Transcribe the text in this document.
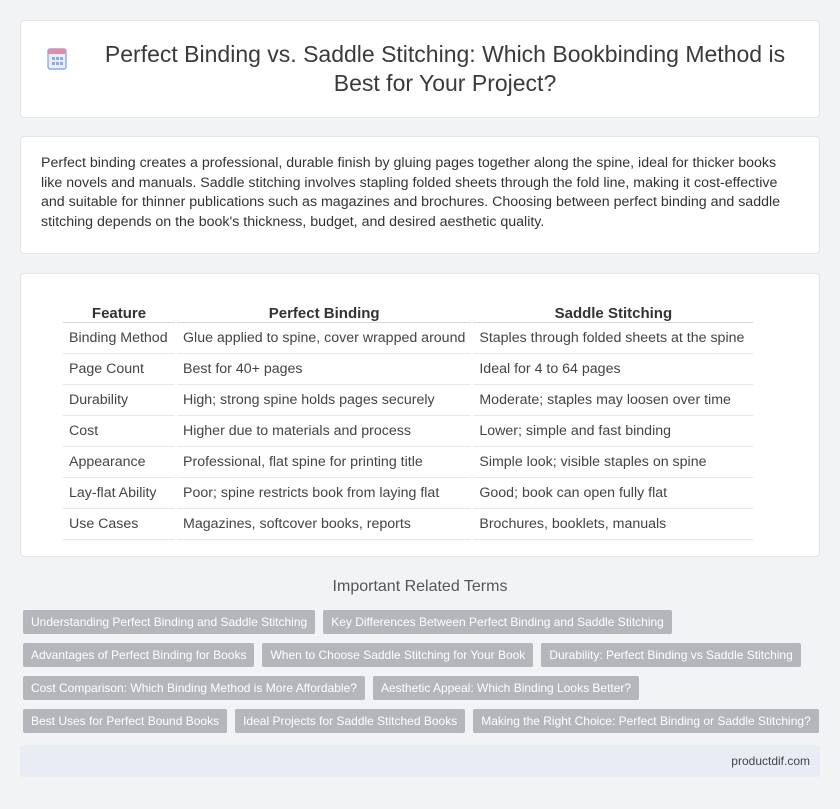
Perfect Binding vs. Saddle Stitching: Which Bookbinding Method is Best for Your Project?

Perfect binding creates a professional, durable finish by gluing pages together along the spine, ideal for thicker books like novels and manuals. Saddle stitching involves stapling folded sheets through the fold line, making it cost-effective and suitable for thinner publications such as magazines and brochures. Choosing between perfect binding and saddle stitching depends on the book's thickness, budget, and desired aesthetic quality.

Feature		Perfect Binding		Saddle Stitching
Binding Method		Glue applied to spine, cover wrapped around		Staples through folded sheets at the spine
Page Count		Best for 40+ pages		Ideal for 4 to 64 pages
Durability		High; strong spine holds pages securely		Moderate; staples may loosen over time
Cost		Higher due to materials and process		Lower; simple and fast binding
Appearance		Professional, flat spine for printing title		Simple look; visible staples on spine
Lay-flat Ability		Poor; spine restricts book from laying flat		Good; book can open fully flat
Use Cases		Magazines, softcover books, reports		Brochures, booklets, manuals
Important Related Terms
Understanding Perfect Binding and Saddle Stitching	Key Differences Between Perfect Binding and Saddle Stitching
Advantages of Perfect Binding for Books	When to Choose Saddle Stitching for Your Book	Durability: Perfect Binding vs Saddle Stitching
Cost Comparison: Which Binding Method is More Affordable?	Aesthetic Appeal: Which Binding Looks Better?
Best Uses for Perfect Bound Books	Ideal Projects for Saddle Stitched Books	Making the Right Choice: Perfect Binding or Saddle Stitching?
productdif.com
